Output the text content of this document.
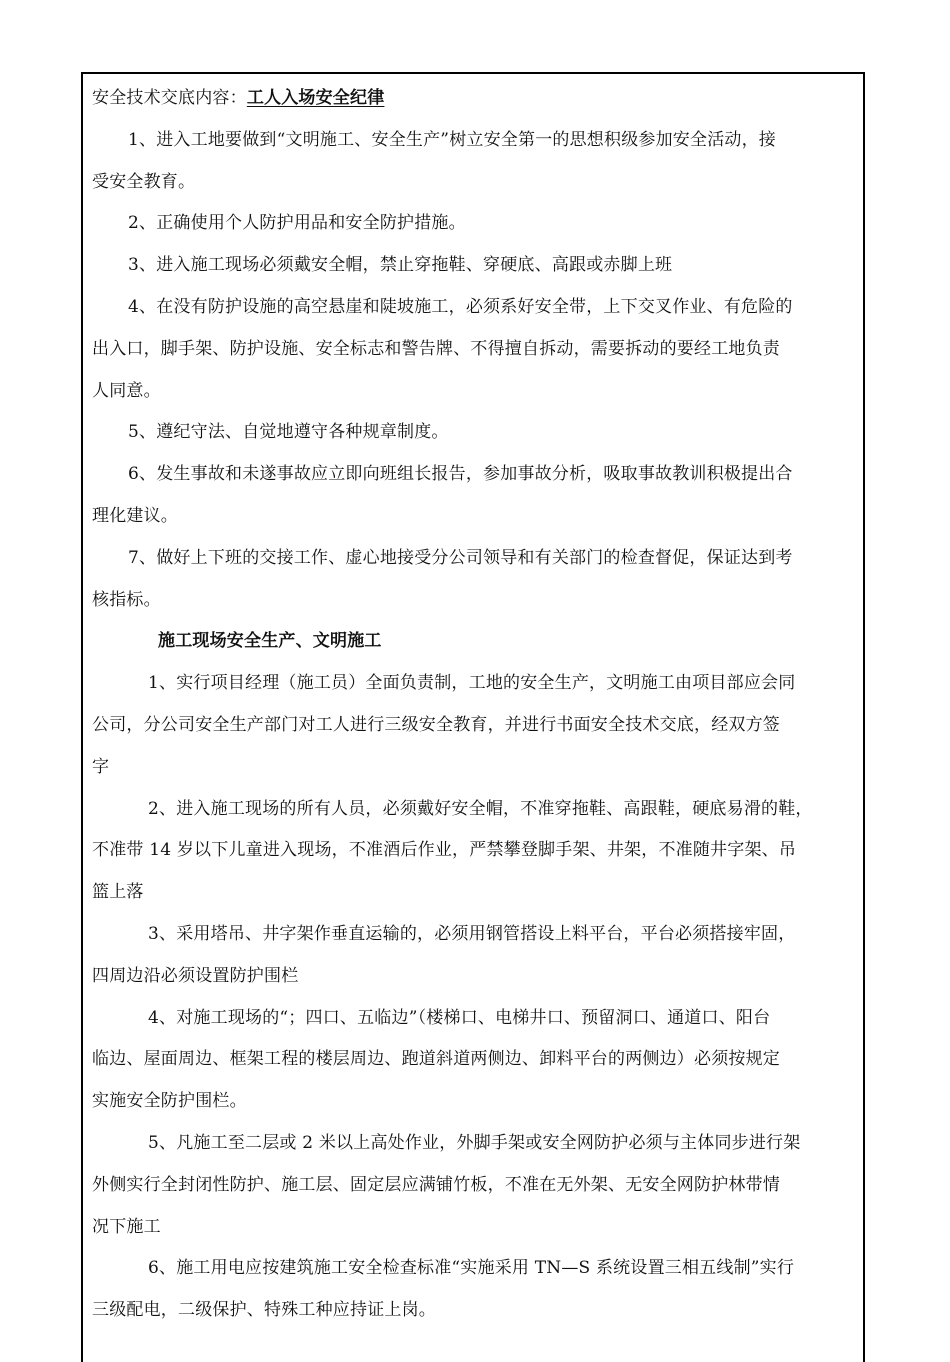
安全技术交底内容：工人入场安全纪律
1、进入工地要做到“文明施工、安全生产”树立安全第一的思想积级参加安全活动，接
受安全教育。
2、正确使用个人防护用品和安全防护措施。
3、进入施工现场必须戴安全帽，禁止穿拖鞋、穿硬底、高跟或赤脚上班
4、在没有防护设施的高空悬崖和陡坡施工，必须系好安全带，上下交叉作业、有危险的
出入口，脚手架、防护设施、安全标志和警告牌、不得擅自拆动，需要拆动的要经工地负责
人同意。
5、遵纪守法、自觉地遵守各种规章制度。
6、发生事故和未遂事故应立即向班组长报告，参加事故分析，吸取事故教训积极提出合
理化建议。
7、做好上下班的交接工作、虚心地接受分公司领导和有关部门的检查督促，保证达到考
核指标。
施工现场安全生产、文明施工
1、实行项目经理（施工员）全面负责制，工地的安全生产，文明施工由项目部应会同
公司，分公司安全生产部门对工人进行三级安全教育，并进行书面安全技术交底，经双方签
字
2、进入施工现场的所有人员，必须戴好安全帽，不准穿拖鞋、高跟鞋，硬底易滑的鞋，
不准带 14 岁以下儿童进入现场，不准酒后作业，严禁攀登脚手架、井架，不准随井字架、吊
篮上落
3、采用塔吊、井字架作垂直运输的，必须用钢管搭设上料平台，平台必须搭接牢固，
四周边沿必须设置防护围栏
4、对施工现场的“；四口、五临边”（楼梯口、电梯井口、预留洞口、通道口、阳台
临边、屋面周边、框架工程的楼层周边、跑道斜道两侧边、卸料平台的两侧边）必须按规定
实施安全防护围栏。
5、凡施工至二层或 2 米以上高处作业，外脚手架或安全网防护必须与主体同步进行架
外侧实行全封闭性防护、施工层、固定层应满铺竹板，不准在无外架、无安全网防护林带情
况下施工
6、施工用电应按建筑施工安全检查标准“实施采用 TN—S 系统设置三相五线制”实行
三级配电，二级保护、特殊工种应持证上岗。
